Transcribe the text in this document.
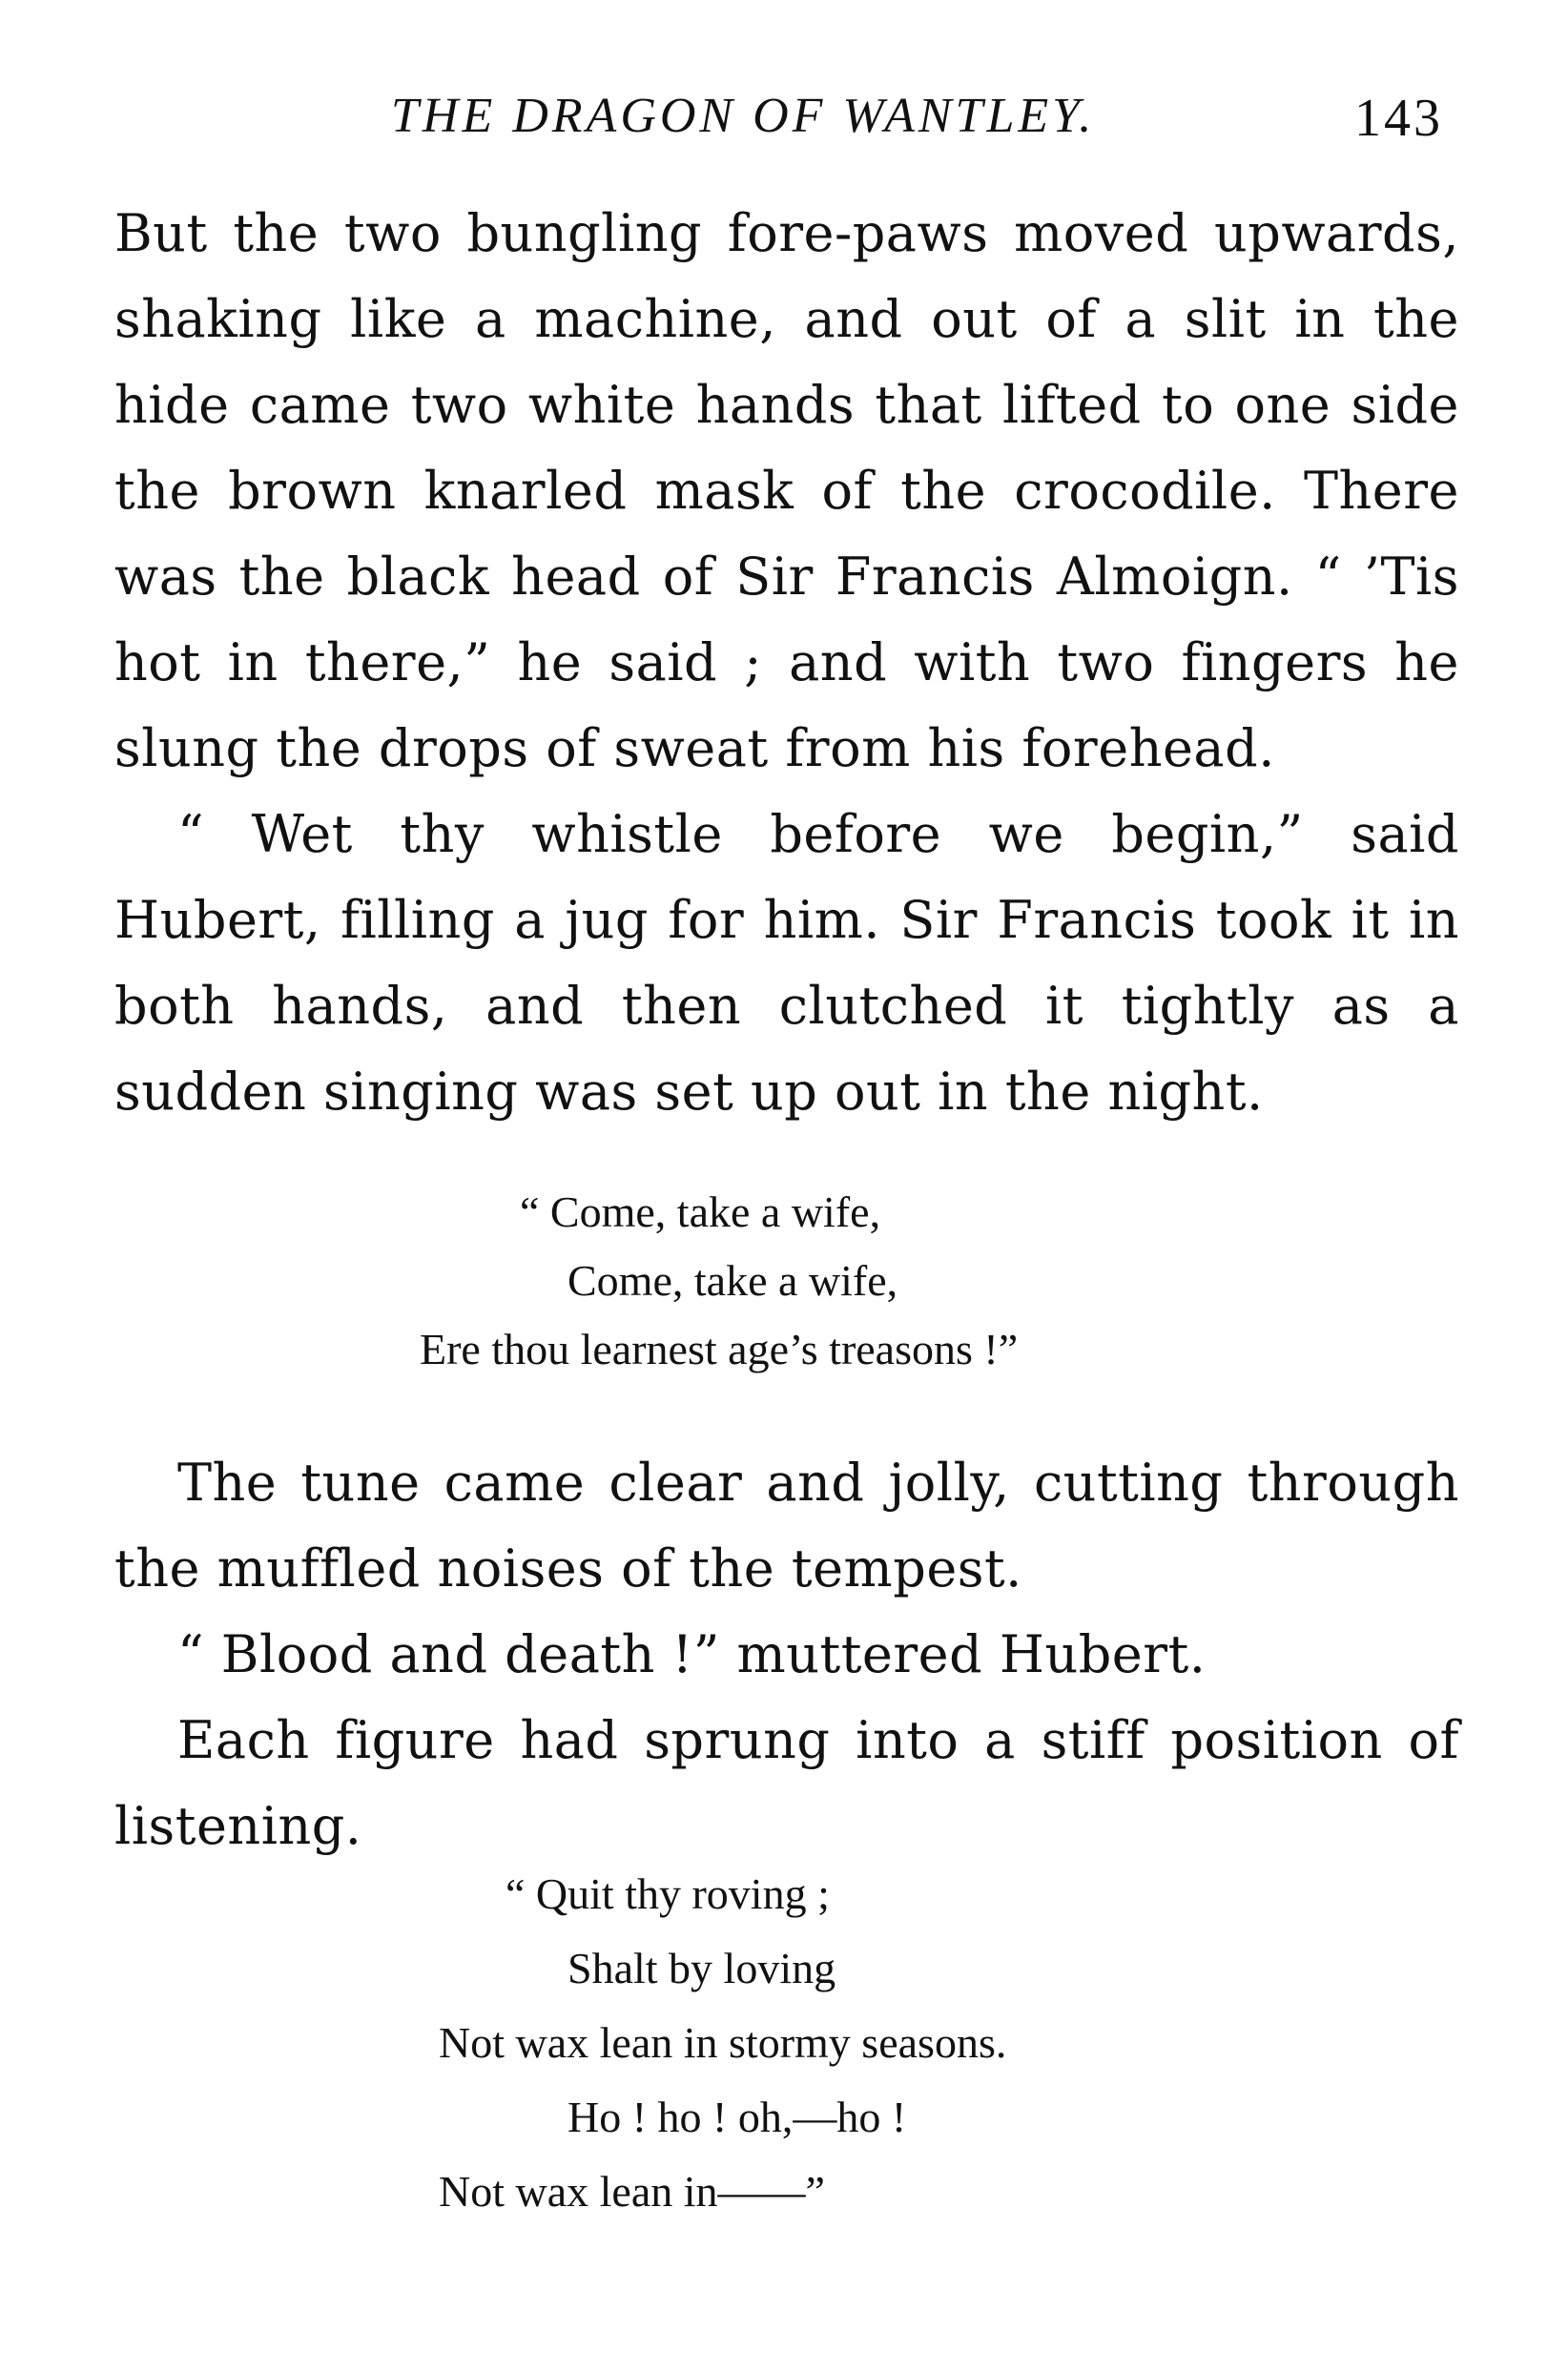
THE DRAGON OF WANTLEY.	143

But the two bungling fore-paws moved upwards, shaking like a machine, and out of a slit in the hide came two white hands that lifted to one side the brown knarled mask of the crocodile. There was the black head of Sir Francis Almoign. “ ’Tis hot in there,” he said ; and with two fingers he slung the drops of sweat from his forehead.

“ Wet thy whistle before we begin,” said Hubert, filling a jug for him. Sir Francis took it in both hands, and then clutched it tightly as a sudden singing was set up out in the night.

“ Come, take a wife,
Come, take a wife,
Ere thou learnest age’s treasons !”

The tune came clear and jolly, cutting through the muffled noises of the tempest.

“ Blood and death !” muttered Hubert.

Each figure had sprung into a stiff position of listening.

“ Quit thy roving ;
Shalt by loving
Not wax lean in stormy seasons.
Ho ! ho ! oh,—ho !
Not wax lean in——”
